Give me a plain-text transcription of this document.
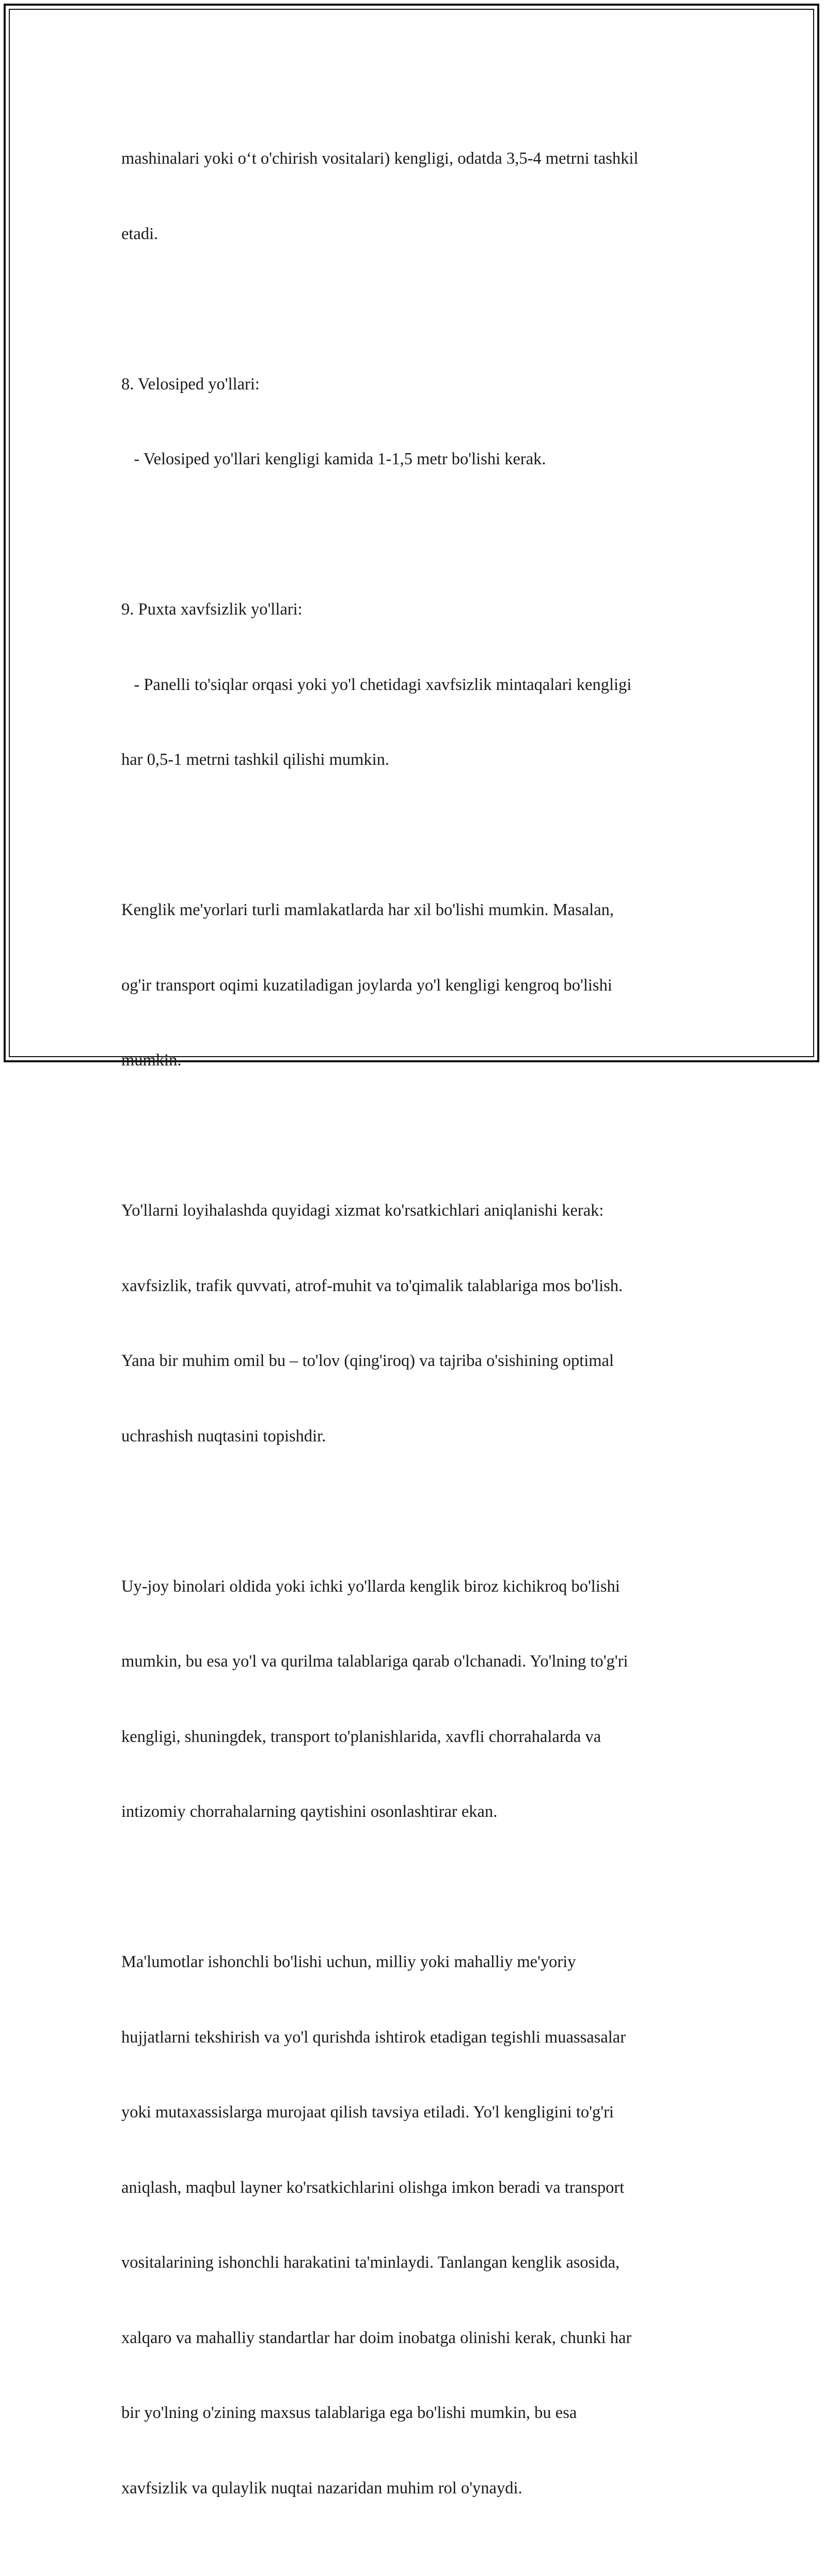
mashinalari yoki o‘t o'chirish vositalari) kengligi, odatda 3,5-4 metrni tashkil

etadi.

8. Velosiped yo'llari:

- Velosiped yo'llari kengligi kamida 1-1,5 metr bo'lishi kerak.

9. Puxta xavfsizlik yo'llari:

- Panelli to'siqlar orqasi yoki yo'l chetidagi xavfsizlik mintaqalari kengligi

har 0,5-1 metrni tashkil qilishi mumkin.

Kenglik me'yorlari turli mamlakatlarda har xil bo'lishi mumkin. Masalan,

og'ir transport oqimi kuzatiladigan joylarda yo'l kengligi kengroq bo'lishi

mumkin.

Yo'llarni loyihalashda quyidagi xizmat ko'rsatkichlari aniqlanishi kerak:

xavfsizlik, trafik quvvati, atrof-muhit va to'qimalik talablariga mos bo'lish.

Yana bir muhim omil bu – to'lov (qing'iroq) va tajriba o'sishining optimal

uchrashish nuqtasini topishdir.

Uy-joy binolari oldida yoki ichki yo'llarda kenglik biroz kichikroq bo'lishi

mumkin, bu esa yo'l va qurilma talablariga qarab o'lchanadi. Yo'lning to'g'ri

kengligi, shuningdek, transport to'planishlarida, xavfli chorrahalarda va

intizomiy chorrahalarning qaytishini osonlashtirar ekan.

Ma'lumotlar ishonchli bo'lishi uchun, milliy yoki mahalliy me'yoriy

hujjatlarni tekshirish va yo'l qurishda ishtirok etadigan tegishli muassasalar

yoki mutaxassislarga murojaat qilish tavsiya etiladi. Yo'l kengligini to'g'ri

aniqlash, maqbul layner ko'rsatkichlarini olishga imkon beradi va transport

vositalarining ishonchli harakatini ta'minlaydi. Tanlangan kenglik asosida,

xalqaro va mahalliy standartlar har doim inobatga olinishi kerak, chunki har

bir yo'lning o'zining maxsus talablariga ega bo'lishi mumkin, bu esa

xavfsizlik va qulaylik nuqtai nazaridan muhim rol o'ynaydi.
